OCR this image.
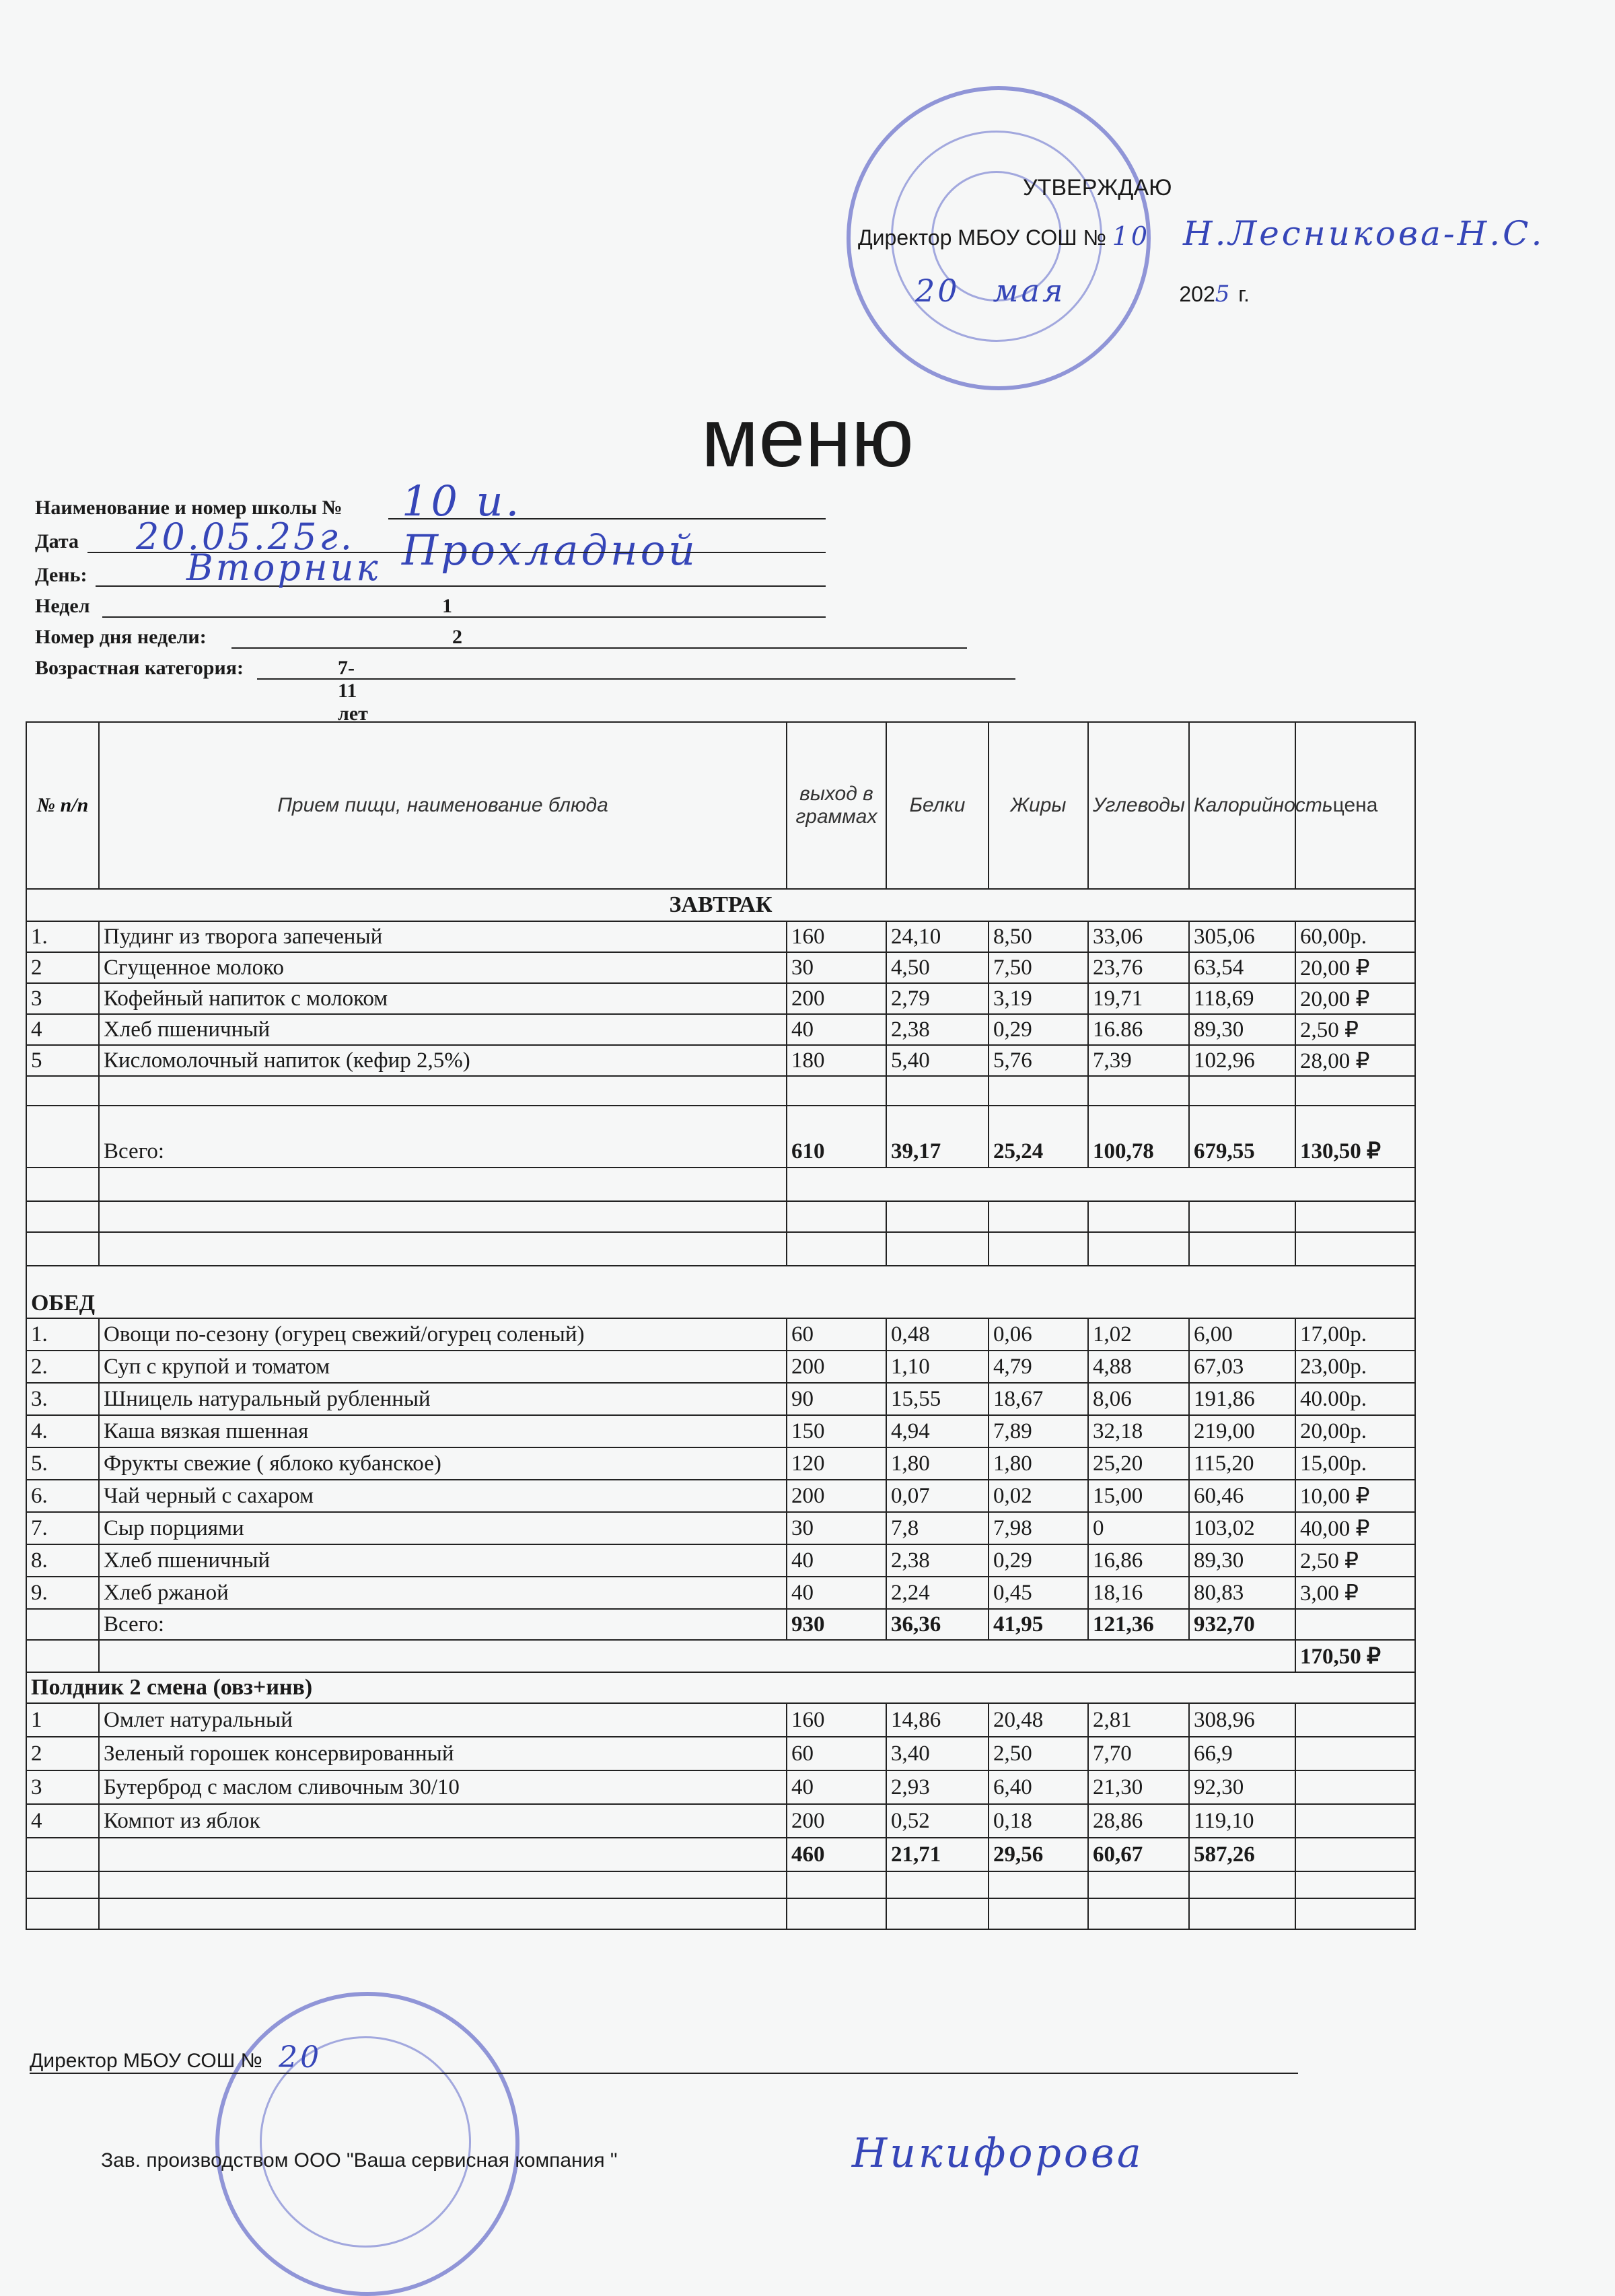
УТВЕРЖДАЮ
Директор МБОУ СОШ № 10 Н.Лесникова-Н.С.
20 мая	2025 г.
меню
Наименование и номер школы № 10 и. Прохладной
Дата 20.05.25г.
День:	Вторник
Недел	1
Номер дня недели:	2
Возрастная категория:	7-11 лет
№ п/п	Прием пищи, наименование блюда	выход в граммах	Белки	Жиры	Углеводы	Калорийность	цена
ЗАВТРАК							
1.	Пудинг из творога запеченый	160	24,10	8,50	33,06	305,06	60,00р.
2	Сгущенное молоко	30	4,50	7,50	23,76	63,54	20,00 ₽
3	Кофейный напиток с молоком	200	2,79	3,19	19,71	118,69	20,00 ₽
4	Хлеб пшеничный	40	2,38	0,29	16.86	89,30	2,50 ₽
5	Кисломолочный напиток (кефир 2,5%)	180	5,40	5,76	7,39	102,96	28,00 ₽

	Всего:	610	39,17	25,24	100,78	679,55	130,50 ₽

ОБЕД							
1.	Овощи по-сезону (огурец свежий/огурец соленый)	60	0,48	0,06	1,02	6,00	17,00р.
2.	Суп с крупой и томатом	200	1,10	4,79	4,88	67,03	23,00р.
3.	Шницель натуральный рубленный	90	15,55	18,67	8,06	191,86	40.00р.
4.	Каша вязкая пшенная	150	4,94	7,89	32,18	219,00	20,00р.
5.	Фрукты свежие ( яблоко кубанское)	120	1,80	1,80	25,20	115,20	15,00р.
6.	Чай черный с сахаром	200	0,07	0,02	15,00	60,46	10,00 ₽
7.	Сыр порциями	30	7,8	7,98	0	103,02	40,00 ₽
8.	Хлеб пшеничный	40	2,38	0,29	16,86	89,30	2,50 ₽
9.	Хлеб ржаной	40	2,24	0,45	18,16	80,83	3,00 ₽
	Всего:	930	36,36	41,95	121,36	932,70	
							170,50 ₽
Полдник 2 смена (овз+инв)							
1	Омлет натуральный	160	14,86	20,48	2,81	308,96	
2	Зеленый горошек консервированный	60	3,40	2,50	7,70	66,9	
3	Бутерброд с маслом сливочным 30/10	40	2,93	6,40	21,30	92,30	
4	Компот из яблок	200	0,52	0,18	28,86	119,10	
		460	21,71	29,56	60,67	587,26	

Директор МБОУ СОШ № 20
Зав. производством ООО "Ваша сервисная компания "	Никифорова
